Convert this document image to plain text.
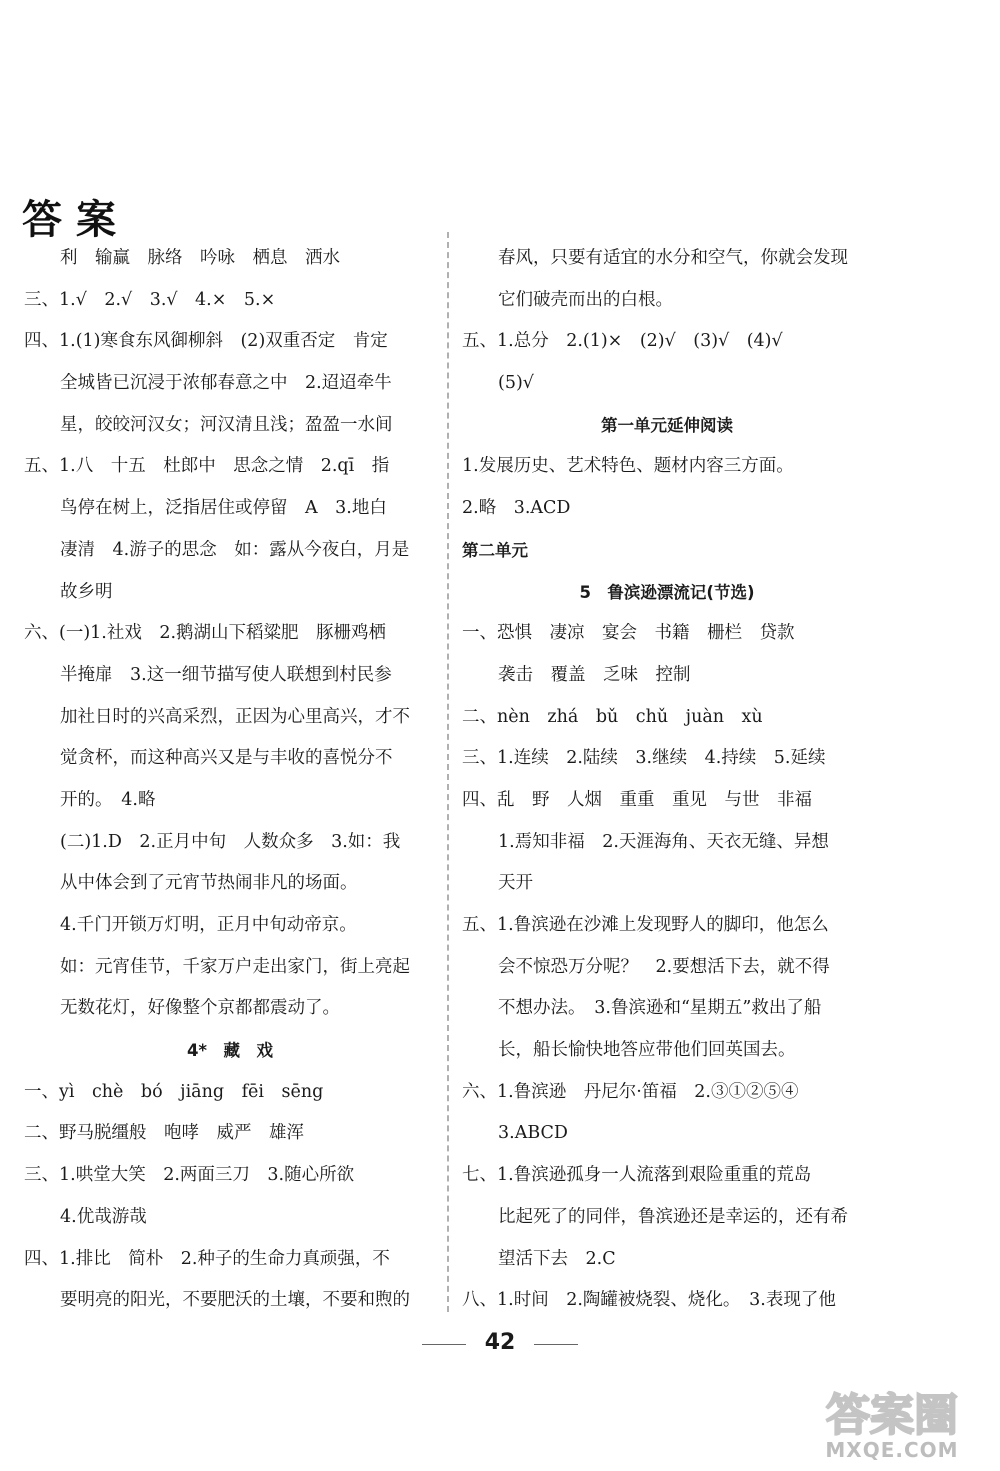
答案
利　输赢　脉络　吟咏　栖息　洒水
三、1.√　2.√　3.√　4.×　5.×
四、1.(1)寒食东风御柳斜　(2)双重否定　肯定
全城皆已沉浸于浓郁春意之中　2.迢迢牵牛
星，皎皎河汉女；河汉清且浅；盈盈一水间
五、1.八　十五　杜郎中　思念之情　2.qī　指
鸟停在树上，泛指居住或停留　A　3.地白
凄清　4.游子的思念　如：露从今夜白，月是
故乡明
六、(一)1.社戏　2.鹅湖山下稻粱肥　豚栅鸡栖
半掩扉　3.这一细节描写使人联想到村民参
加社日时的兴高采烈，正因为心里高兴，才不
觉贪杯，而这种高兴又是与丰收的喜悦分不
开的。　4.略
(二)1.D　2.正月中旬　人数众多　3.如：我
从中体会到了元宵节热闹非凡的场面。
4.千门开锁万灯明，正月中旬动帝京。
如：元宵佳节，千家万户走出家门，街上亮起
无数花灯，好像整个京都都震动了。
4*　藏　戏
一、yì　chè　bó　jiāng　fēi　sēng
二、野马脱缰般　咆哮　威严　雄浑
三、1.哄堂大笑　2.两面三刀　3.随心所欲
4.优哉游哉
四、1.排比　简朴　2.种子的生命力真顽强，不
要明亮的阳光，不要肥沃的土壤，不要和煦的
春风，只要有适宜的水分和空气，你就会发现
它们破壳而出的白根。
五、1.总分　2.(1)×　(2)√　(3)√　(4)√
(5)√
第一单元延伸阅读
1.发展历史、艺术特色、题材内容三方面。
2.略　3.ACD
第二单元
5　鲁滨逊漂流记(节选)
一、恐惧　凄凉　宴会　书籍　栅栏　贷款
袭击　覆盖　乏味　控制
二、nèn　zhá　bǔ　chǔ　juàn　xù
三、1.连续　2.陆续　3.继续　4.持续　5.延续
四、乱　野　人烟　重重　重见　与世　非福
1.焉知非福　2.天涯海角、天衣无缝、异想
天开
五、1.鲁滨逊在沙滩上发现野人的脚印，他怎么
会不惊恐万分呢？　2.要想活下去，就不得
不想办法。　3.鲁滨逊和“星期五”救出了船
长，船长愉快地答应带他们回英国去。
六、1.鲁滨逊　丹尼尔·笛福　2.③①②⑤④
3.ABCD
七、1.鲁滨逊孤身一人流落到艰险重重的荒岛
比起死了的同伴，鲁滨逊还是幸运的，还有希
望活下去　2.C
八、1.时间　2.陶罐被烧裂、烧化。　3.表现了他
42
答案圈
MXQE.COM
